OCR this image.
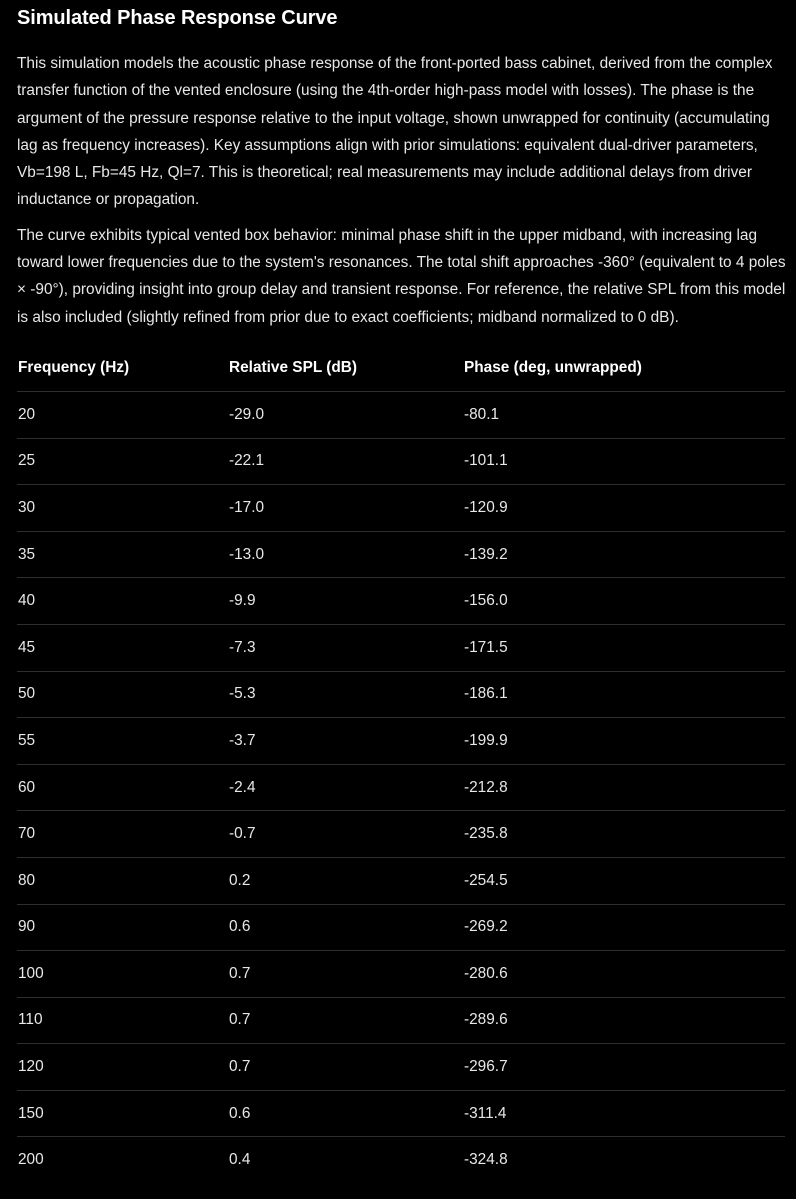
Simulated Phase Response Curve

This simulation models the acoustic phase response of the front-ported bass cabinet, derived from the complex transfer function of the vented enclosure (using the 4th-order high-pass model with losses). The phase is the argument of the pressure response relative to the input voltage, shown unwrapped for continuity (accumulating lag as frequency increases). Key assumptions align with prior simulations: equivalent dual-driver parameters, Vb=198 L, Fb=45 Hz, Ql=7. This is theoretical; real measurements may include additional delays from driver inductance or propagation.

The curve exhibits typical vented box behavior: minimal phase shift in the upper midband, with increasing lag toward lower frequencies due to the system's resonances. The total shift approaches -360° (equivalent to 4 poles × -90°), providing insight into group delay and transient response. For reference, the relative SPL from this model is also included (slightly refined from prior due to exact coefficients; midband normalized to 0 dB).

Frequency (Hz)	Relative SPL (dB)	Phase (deg, unwrapped)
20	-29.0	-80.1
25	-22.1	-101.1
30	-17.0	-120.9
35	-13.0	-139.2
40	-9.9	-156.0
45	-7.3	-171.5
50	-5.3	-186.1
55	-3.7	-199.9
60	-2.4	-212.8
70	-0.7	-235.8
80	0.2	-254.5
90	0.6	-269.2
100	0.7	-280.6
110	0.7	-289.6
120	0.7	-296.7
150	0.6	-311.4
200	0.4	-324.8
